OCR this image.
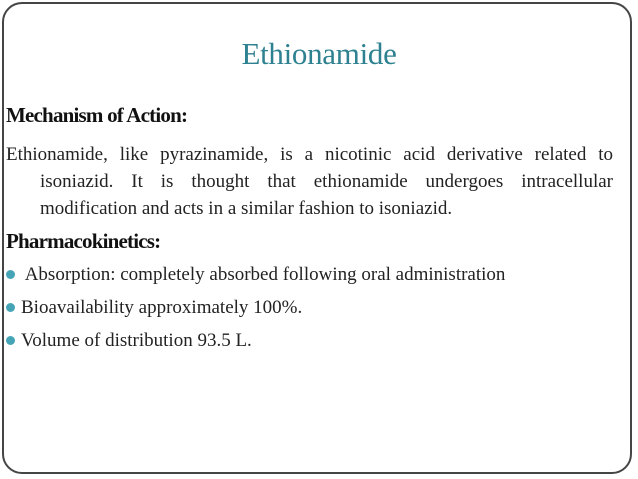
Ethionamide
Mechanism of Action:
Ethionamide, like pyrazinamide, is a nicotinic acid derivative related to
isoniazid. It is thought that ethionamide undergoes intracellular
modification and acts in a similar fashion to isoniazid.
Pharmacokinetics:
Absorption: completely absorbed following oral administration
Bioavailability approximately 100%.
Volume of distribution 93.5 L.
